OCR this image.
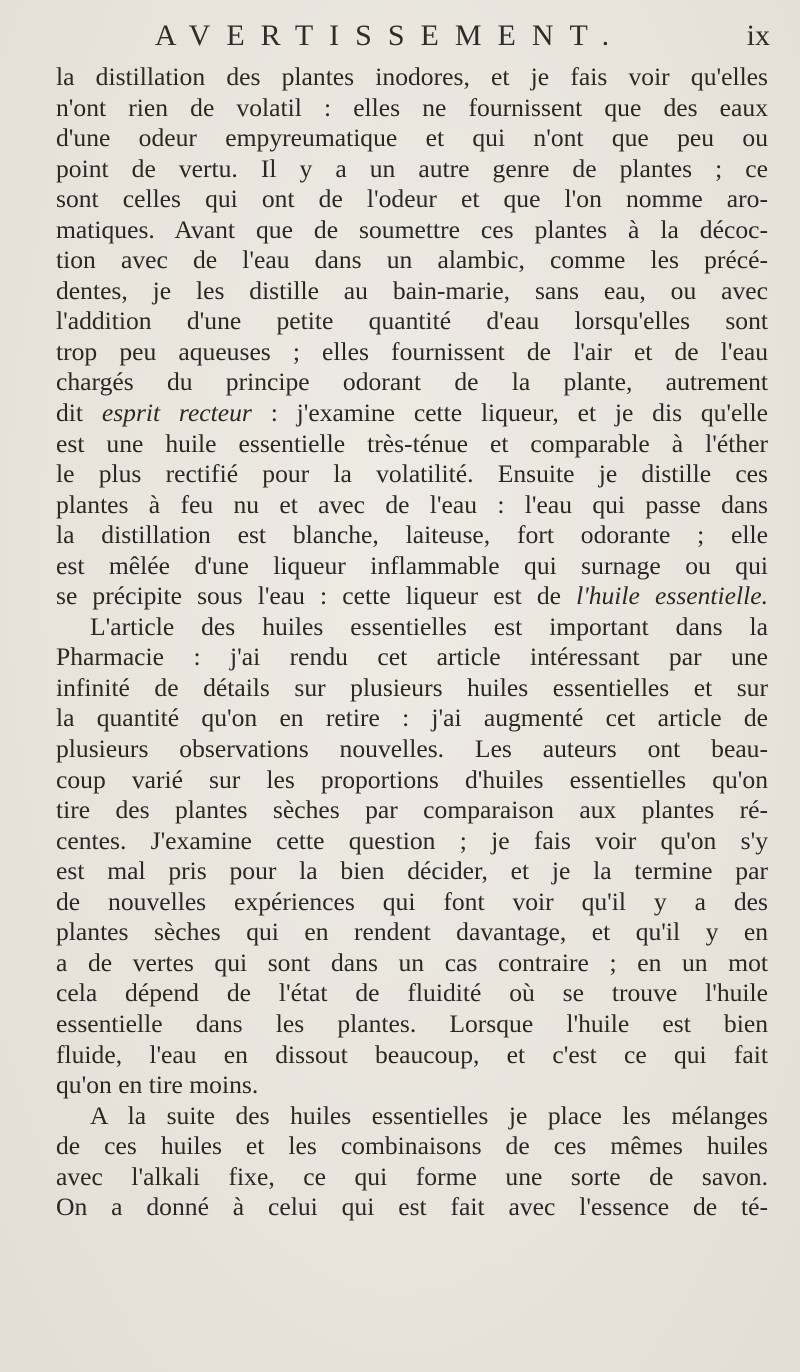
AVERTISSEMENT.	ix
la distillation des plantes inodores, et je fais voir qu'elles
n'ont rien de volatil : elles ne fournissent que des eaux
d'une odeur empyreumatique et qui n'ont que peu ou
point de vertu. Il y a un autre genre de plantes ; ce
sont celles qui ont de l'odeur et que l'on nomme aro-
matiques. Avant que de soumettre ces plantes à la décoc-
tion avec de l'eau dans un alambic, comme les précé-
dentes, je les distille au bain-marie, sans eau, ou avec
l'addition d'une petite quantité d'eau lorsqu'elles sont
trop peu aqueuses ; elles fournissent de l'air et de l'eau
chargés du principe odorant de la plante, autrement
dit esprit recteur : j'examine cette liqueur, et je dis qu'elle
est une huile essentielle très-ténue et comparable à l'éther
le plus rectifié pour la volatilité. Ensuite je distille ces
plantes à feu nu et avec de l'eau : l'eau qui passe dans
la distillation est blanche, laiteuse, fort odorante ; elle
est mêlée d'une liqueur inflammable qui surnage ou qui
se précipite sous l'eau : cette liqueur est de l'huile essentielle.
L'article des huiles essentielles est important dans la
Pharmacie : j'ai rendu cet article intéressant par une
infinité de détails sur plusieurs huiles essentielles et sur
la quantité qu'on en retire : j'ai augmenté cet article de
plusieurs observations nouvelles. Les auteurs ont beau-
coup varié sur les proportions d'huiles essentielles qu'on
tire des plantes sèches par comparaison aux plantes ré-
centes. J'examine cette question ; je fais voir qu'on s'y
est mal pris pour la bien décider, et je la termine par
de nouvelles expériences qui font voir qu'il y a des
plantes sèches qui en rendent davantage, et qu'il y en
a de vertes qui sont dans un cas contraire ; en un mot
cela dépend de l'état de fluidité où se trouve l'huile
essentielle dans les plantes. Lorsque l'huile est bien
fluide, l'eau en dissout beaucoup, et c'est ce qui fait
qu'on en tire moins.
A la suite des huiles essentielles je place les mélanges
de ces huiles et les combinaisons de ces mêmes huiles
avec l'alkali fixe, ce qui forme une sorte de savon.
On a donné à celui qui est fait avec l'essence de té-
